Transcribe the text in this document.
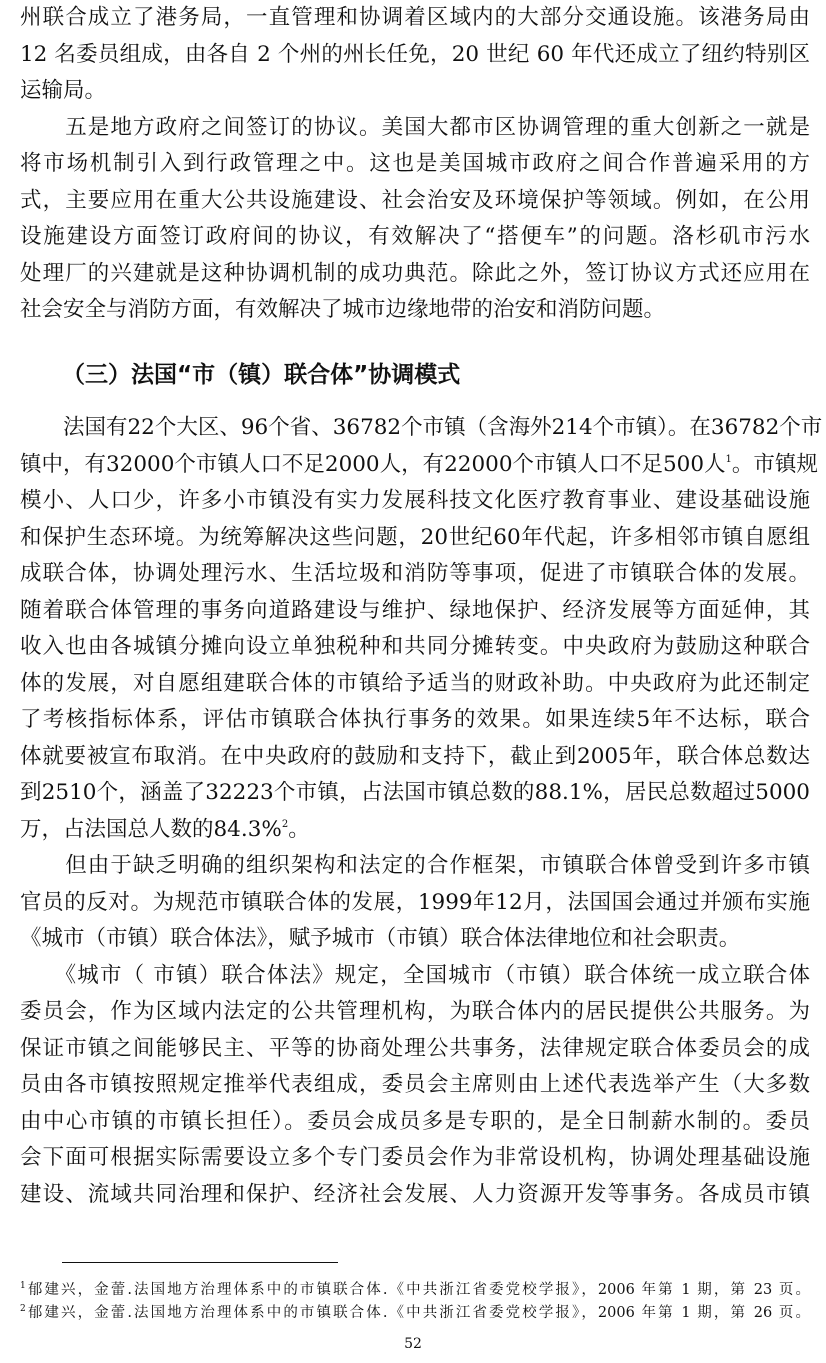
州联合成立了港务局，一直管理和协调着区域内的大部分交通设施。该港务局由
12 名委员组成，由各自 2 个州的州长任免，20 世纪 60 年代还成立了纽约特别区
运输局。
　　五是地方政府之间签订的协议。美国大都市区协调管理的重大创新之一就是
将市场机制引入到行政管理之中。这也是美国城市政府之间合作普遍采用的方
式，主要应用在重大公共设施建设、社会治安及环境保护等领域。例如，在公用
设施建设方面签订政府间的协议，有效解决了“搭便车”的问题。洛杉矶市污水
处理厂的兴建就是这种协调机制的成功典范。除此之外，签订协议方式还应用在
社会安全与消防方面，有效解决了城市边缘地带的治安和消防问题。
（三）法国“市（镇）联合体”协调模式
　　法国有22个大区、96个省、36782个市镇（含海外214个市镇）。在36782个市
镇中，有32000个市镇人口不足2000人，有22000个市镇人口不足500人$^1$。市镇规
模小、人口少，许多小市镇没有实力发展科技文化医疗教育事业、建设基础设施
和保护生态环境。为统筹解决这些问题，20世纪60年代起，许多相邻市镇自愿组
成联合体，协调处理污水、生活垃圾和消防等事项，促进了市镇联合体的发展。
随着联合体管理的事务向道路建设与维护、绿地保护、经济发展等方面延伸，其
收入也由各城镇分摊向设立单独税种和共同分摊转变。中央政府为鼓励这种联合
体的发展，对自愿组建联合体的市镇给予适当的财政补助。中央政府为此还制定
了考核指标体系，评估市镇联合体执行事务的效果。如果连续5年不达标，联合
体就要被宣布取消。在中央政府的鼓励和支持下，截止到2005年，联合体总数达
到2510个，涵盖了32223个市镇，占法国市镇总数的88.1%，居民总数超过5000
万，占法国总人数的84.3%$^2$。
　　但由于缺乏明确的组织架构和法定的合作框架，市镇联合体曾受到许多市镇
官员的反对。为规范市镇联合体的发展，1999年12月，法国国会通过并颁布实施
《城市（市镇）联合体法》，赋予城市（市镇）联合体法律地位和社会职责。
　　《城市（ 市镇）联合体法》规定，全国城市（市镇）联合体统一成立联合体
委员会，作为区域内法定的公共管理机构，为联合体内的居民提供公共服务。为
保证市镇之间能够民主、平等的协商处理公共事务，法律规定联合体委员会的成
员由各市镇按照规定推举代表组成，委员会主席则由上述代表选举产生（大多数
由中心市镇的市镇长担任）。委员会成员多是专职的，是全日制薪水制的。委员
会下面可根据实际需要设立多个专门委员会作为非常设机构，协调处理基础设施
建设、流域共同治理和保护、经济社会发展、人力资源开发等事务。各成员市镇
$^1$郁建兴，金蕾.法国地方治理体系中的市镇联合体.《中共浙江省委党校学报》，2006 年第 1 期，第 23 页。
$^2$郁建兴，金蕾.法国地方治理体系中的市镇联合体.《中共浙江省委党校学报》，2006 年第 1 期，第 26 页。
52
